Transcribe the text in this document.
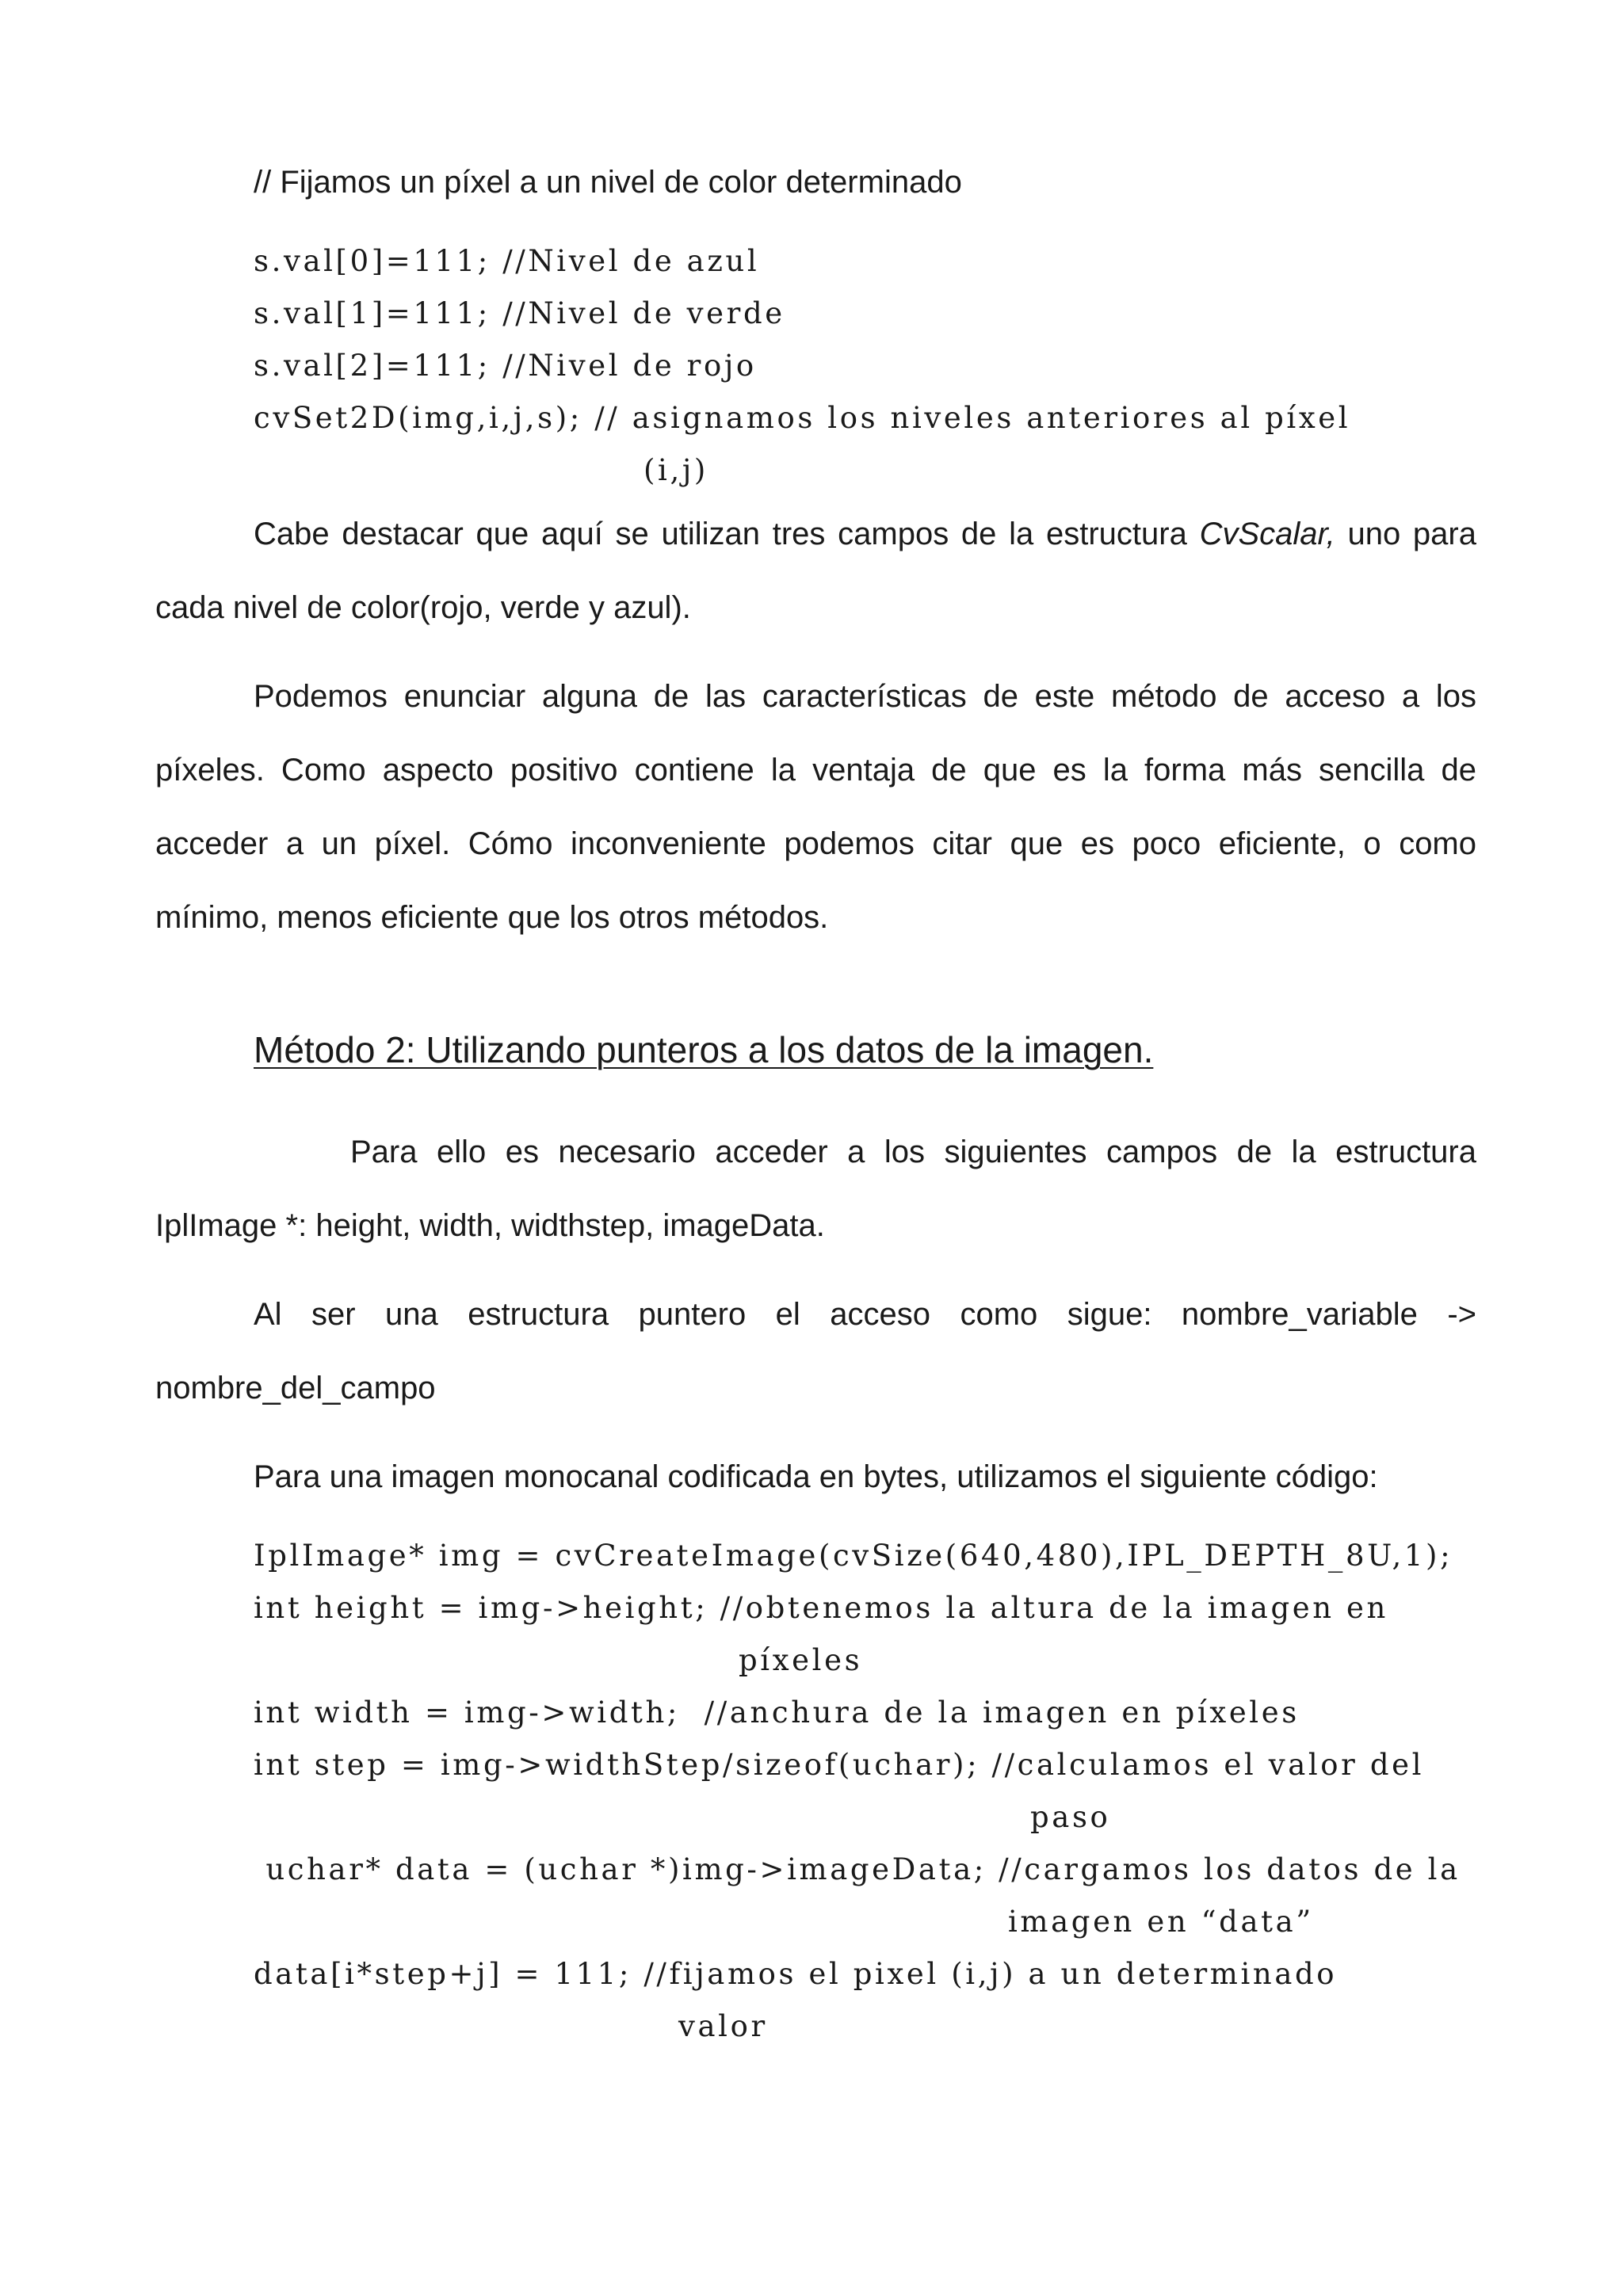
// Fijamos un píxel a un nivel de color determinado
s.val[0]=111; //Nivel de azul
s.val[1]=111; //Nivel de verde
s.val[2]=111; //Nivel de rojo
cvSet2D(img,i,j,s); // asignamos los niveles anteriores al píxel
(i,j)
Cabe destacar que aquí se utilizan tres campos de la estructura CvScalar, uno para
cada nivel de color(rojo, verde y azul).
Podemos enunciar alguna de las características de este método de acceso a los
píxeles. Como aspecto positivo contiene la ventaja de que es la forma más sencilla de
acceder a un píxel. Cómo inconveniente podemos citar que es poco eficiente, o como
mínimo, menos eficiente que los otros métodos.
Método 2: Utilizando punteros a los datos de la imagen.
Para ello es necesario acceder a los siguientes campos de la estructura
IplImage *: height, width, widthstep, imageData.
Al ser una estructura puntero el acceso como sigue: nombre_variable ->
nombre_del_campo
Para una imagen monocanal codificada en bytes, utilizamos el siguiente código:
IplImage* img = cvCreateImage(cvSize(640,480),IPL_DEPTH_8U,1);
int height = img->height; //obtenemos la altura de la imagen en
píxeles
int width = img->width;  //anchura de la imagen en píxeles
int step = img->widthStep/sizeof(uchar); //calculamos el valor del
paso
uchar* data = (uchar *)img->imageData; //cargamos los datos de la
imagen en “data”
data[i*step+j] = 111; //fijamos el pixel (i,j) a un determinado
valor
